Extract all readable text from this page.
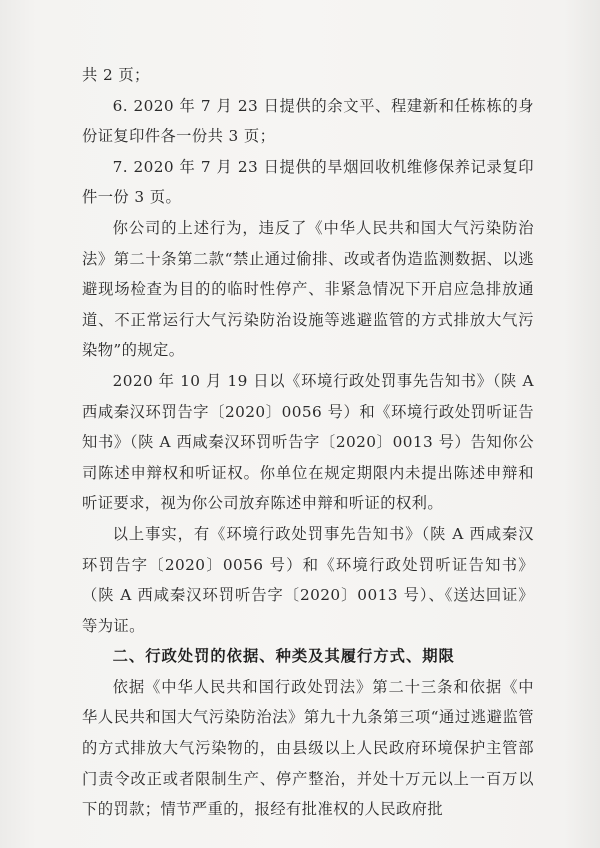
共 2 页；

6. 2020 年 7 月 23 日提供的余文平、程建新和任栋栋的身份证复印件各一份共 3 页；

7. 2020 年 7 月 23 日提供的旱烟回收机维修保养记录复印件一份 3 页。

你公司的上述行为，违反了《中华人民共和国大气污染防治法》第二十条第二款“禁止通过偷排、改或者伪造监测数据、以逃避现场检查为目的的临时性停产、非紧急情况下开启应急排放通道、不正常运行大气污染防治设施等逃避监管的方式排放大气污染物”的规定。

2020 年 10 月 19 日以《环境行政处罚事先告知书》（陕 A 西咸秦汉环罚告字〔2020〕0056 号）和《环境行政处罚听证告知书》（陕 A 西咸秦汉环罚听告字〔2020〕0013 号）告知你公司陈述申辩权和听证权。你单位在规定期限内未提出陈述申辩和听证要求，视为你公司放弃陈述申辩和听证的权利。

以上事实，有《环境行政处罚事先告知书》（陕 A 西咸秦汉环罚告字〔2020〕0056 号）和《环境行政处罚听证告知书》（陕 A 西咸秦汉环罚听告字〔2020〕0013 号）、《送达回证》等为证。

二、行政处罚的依据、种类及其履行方式、期限

依据《中华人民共和国行政处罚法》第二十三条和依据《中华人民共和国大气污染防治法》第九十九条第三项“通过逃避监管的方式排放大气污染物的，由县级以上人民政府环境保护主管部门责令改正或者限制生产、停产整治，并处十万元以上一百万以下的罚款；情节严重的，报经有批准权的人民政府批
